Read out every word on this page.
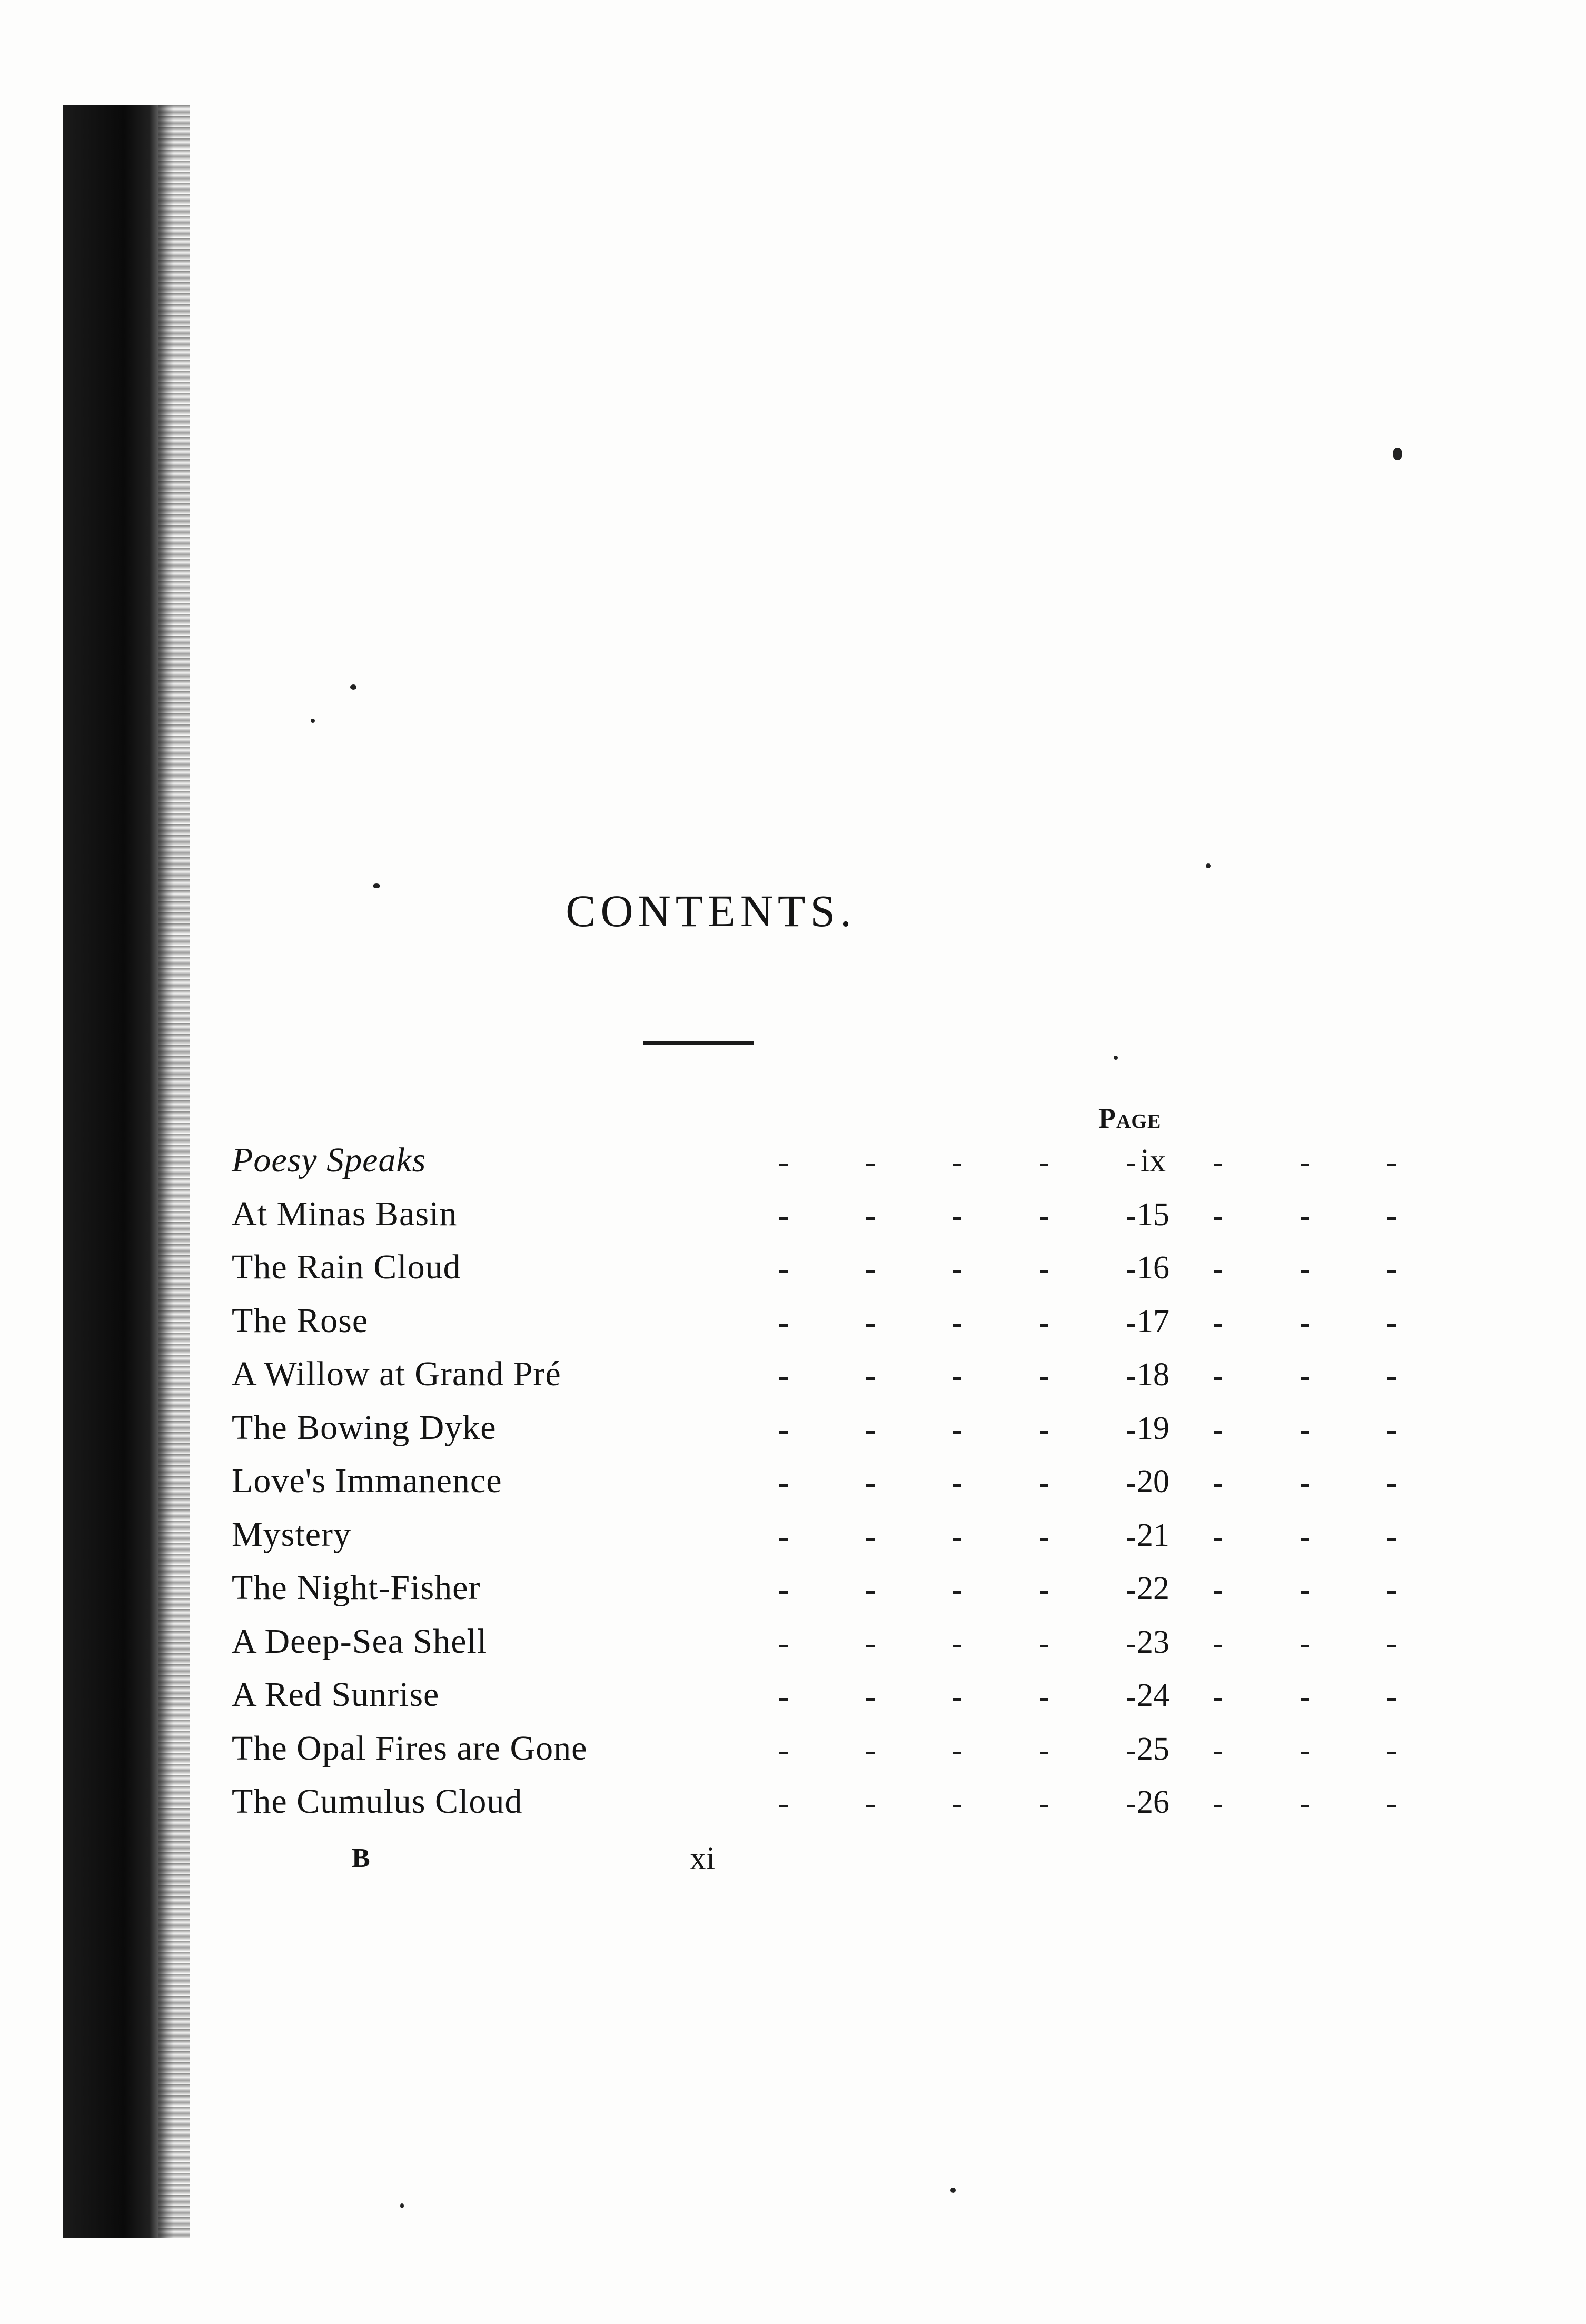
CONTENTS.
Page
Poesy Speaks	ix
At Minas Basin	15
The Rain Cloud	16
The Rose	17
A Willow at Grand Pré	18
The Bowing Dyke	19
Love's Immanence	20
Mystery	21
The Night-Fisher	22
A Deep-Sea Shell	23
A Red Sunrise	24
The Opal Fires are Gone	25
The Cumulus Cloud	26
B	xi
